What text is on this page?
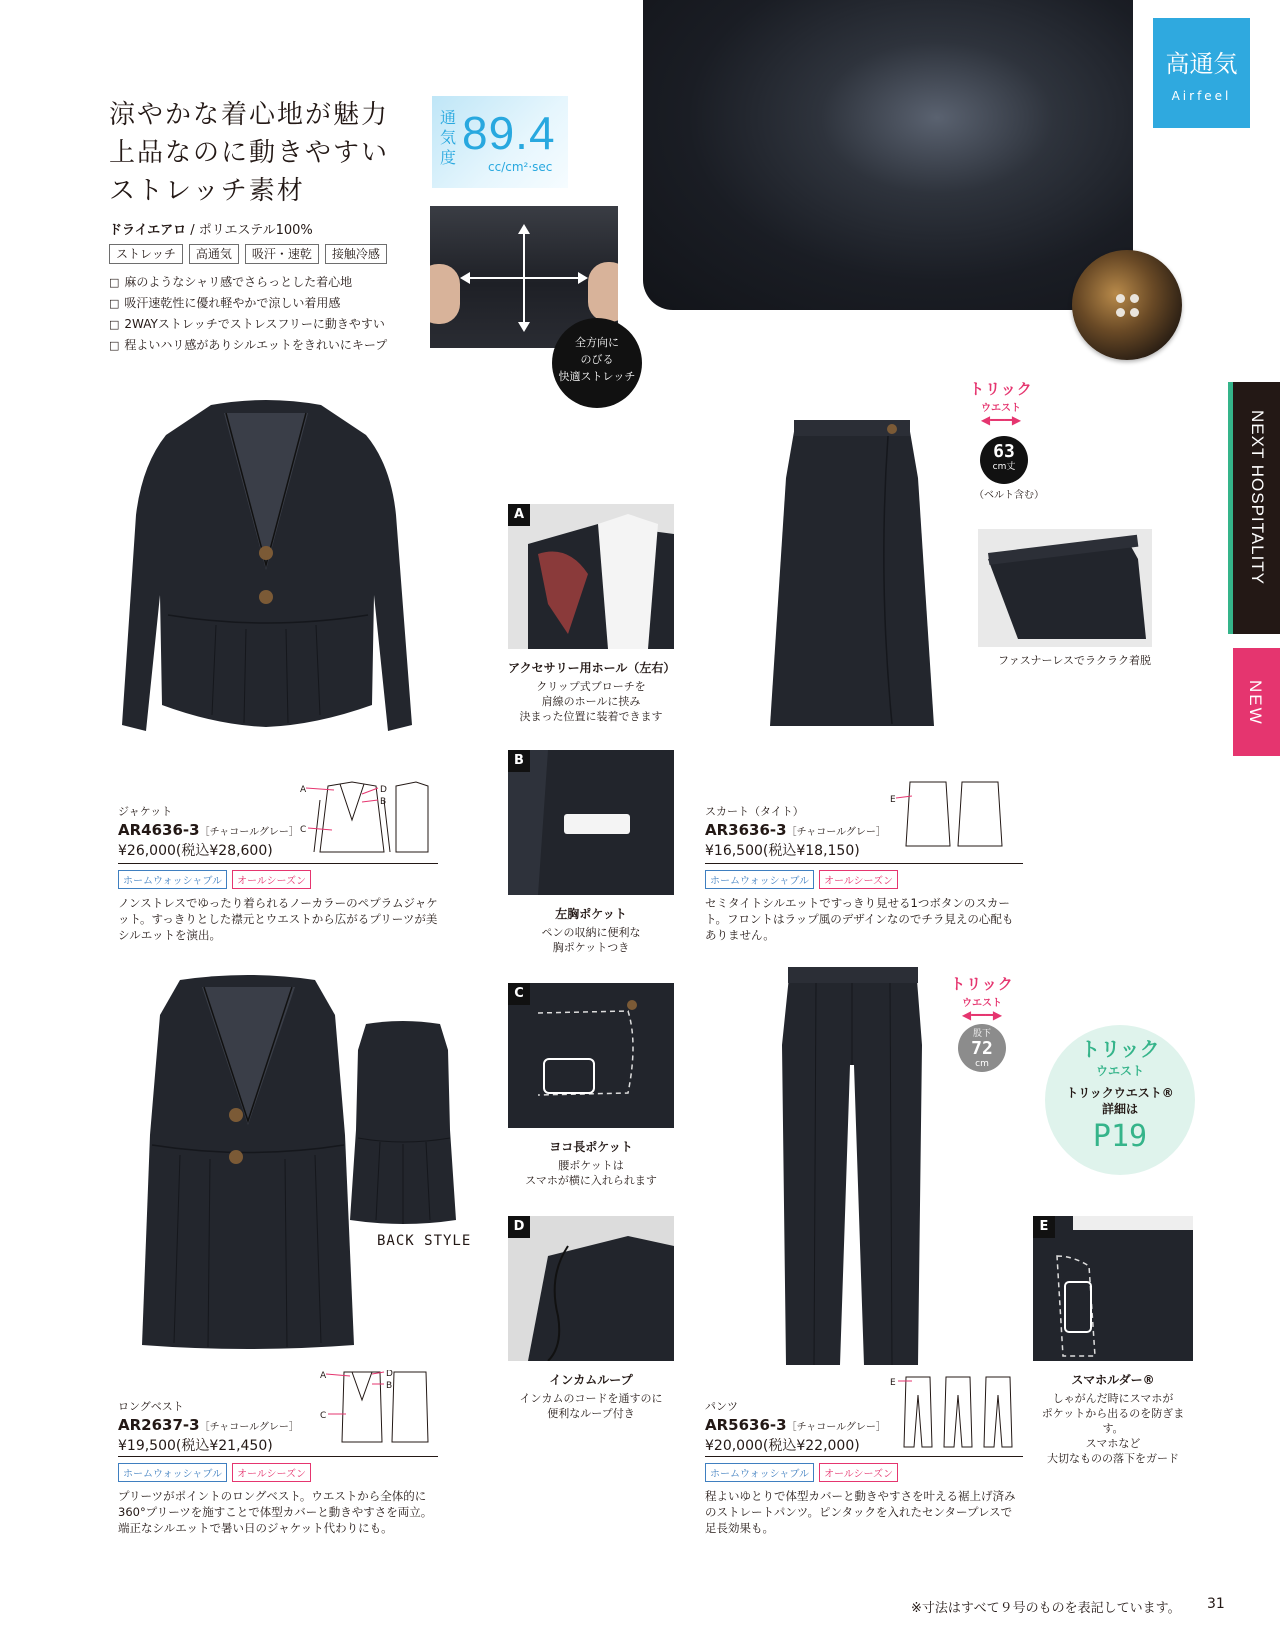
涼やかな着心地が魅力
上品なのに動きやすい
ストレッチ素材
通気度 89.4
cc/cm²·sec
ドライエアロ / ポリエステル100%
ストレッチ	高通気	吸汗・速乾	接触冷感
□ 麻のようなシャリ感でさらっとした着心地
□ 吸汗速乾性に優れ軽やかで涼しい着用感
□ 2WAYストレッチでストレスフリーに動きやすい
□ 程よいハリ感がありシルエットをきれいにキープ	全方向に
のびる
快適ストレッチ
高通気
Airfeel
NEXT HOSPITALITY
NEW
BACK STYLE
トリック
ウエスト
◀━━━▶
63
cm丈
（ベルト含む）
トリック
ウエスト
◀━━━▶
股下
72
cm
ファスナーレスでラクラク着脱
A
アクセサリー用ホール（左右）
クリップ式ブローチを
肩線のホールに挟み
決まった位置に装着できます
B
左胸ポケット
ペンの収納に便利な
胸ポケットつき
C
ヨコ長ポケット
腰ポケットは
スマホが横に入れられます
D
インカムループ
インカムのコードを通すのに
便利なループ付き
E
スマホルダー®
しゃがんだ時にスマホが
ポケットから出るのを防ぎます。
スマホなど
大切なものの落下をガード
トリック
ウエスト
トリックウエスト®
詳細は
P19
A	D
B
C
E
A	D
B
C
E
ジャケット
AR4636-3［チャコールグレー］
¥26,000(税込¥28,600)
ホームウォッシャブル	オールシーズン
ノンストレスでゆったり着られるノーカラーのペプラムジャケット。すっきりとした襟元とウエストから広がるプリーツが美シルエットを演出。
スカート（タイト）
AR3636-3［チャコールグレー］
¥16,500(税込¥18,150)
ホームウォッシャブル	オールシーズン
セミタイトシルエットですっきり見せる1つボタンのスカート。フロントはラップ風のデザインなのでチラ見えの心配もありません。
ロングベスト
AR2637-3［チャコールグレー］
¥19,500(税込¥21,450)
ホームウォッシャブル	オールシーズン
プリーツがポイントのロングベスト。ウエストから全体的に360°プリーツを施すことで体型カバーと動きやすさを両立。端正なシルエットで暑い日のジャケット代わりにも。
パンツ
AR5636-3［チャコールグレー］
¥20,000(税込¥22,000)
ホームウォッシャブル	オールシーズン
程よいゆとりで体型カバーと動きやすさを叶える裾上げ済みのストレートパンツ。ピンタックを入れたセンタープレスで足長効果も。
※寸法はすべて９号のものを表記しています。 31
